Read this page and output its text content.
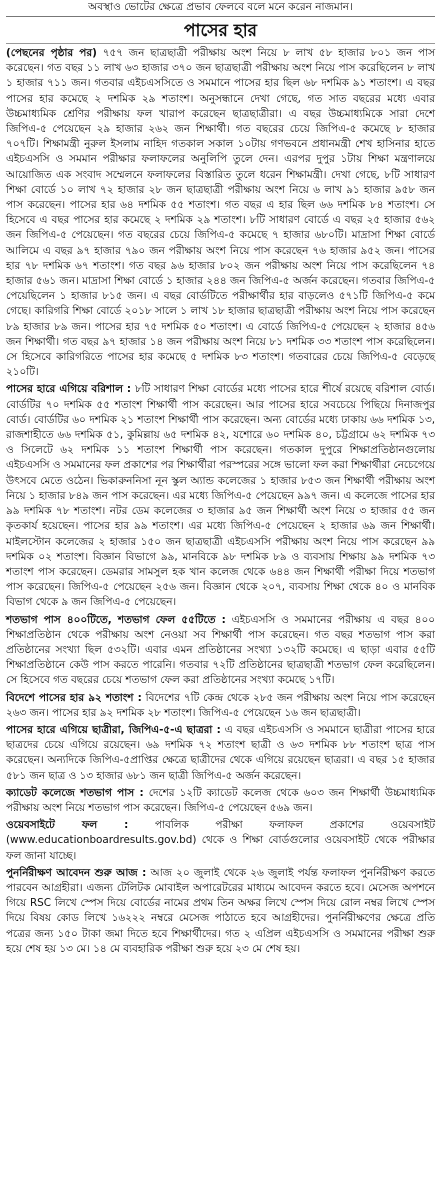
অবস্থাও ভোটের ক্ষেত্রে প্রভাব ফেলবে বলে মনে করেন নাজমান।
পাসের হার

(পেছনের পৃষ্ঠার পর) ৭৫৭ জন ছাত্রছাত্রী পরীক্ষায় অংশ নিয়ে ৮ লাখ ৫৮ হাজার ৮০১ জন পাস করেছেন। গত বছর ১১ লাখ ৬৩ হাজার ৩৭০ জন ছাত্রছাত্রী পরীক্ষায় অংশ নিয়ে পাস করেছিলেন ৮ লাখ ১ হাজার ৭১১ জন। গতবার এইচএসসিতে ও সমমানে পাসের হার ছিল ৬৮ দশমিক ৯১ শতাংশ। এ বছর পাসের হার কমেছে ২ দশমিক ২৯ শতাংশ। অনুসন্ধানে দেখা গেছে, গত সাত বছরের মধ্যে এবার উচ্চমাধ্যমিক শ্রেণির পরীক্ষায় ফল খারাপ করেছেন ছাত্রছাত্রীরা। এ বছর উচ্চমাধ্যমিকে সারা দেশে জিপিএ-৫ পেয়েছেন ২৯ হাজার ২৬২ জন শিক্ষার্থী। গত বছরের চেয়ে জিপিএ-৫ কমেছে ৮ হাজার ৭০৭টি। শিক্ষামন্ত্রী নুরুল ইসলাম নাহিদ গতকাল সকাল ১০টায় গণভবনে প্রধানমন্ত্রী শেখ হাসিনার হাতে এইচএসসি ও সমমান পরীক্ষার ফলাফলের অনুলিপি তুলে দেন। এরপর দুপুর ১টায় শিক্ষা মন্ত্রণালয়ে আয়োজিত এক সংবাদ সম্মেলনে ফলাফলের বিস্তারিত তুলে ধরেন শিক্ষামন্ত্রী। দেখা গেছে, ৮টি সাধারণ শিক্ষা বোর্ডে ১০ লাখ ৭২ হাজার ২৮ জন ছাত্রছাত্রী পরীক্ষায় অংশ নিয়ে ৬ লাখ ৯১ হাজার ৯৫৮ জন পাস করেছেন। পাসের হার ৬৪ দশমিক ৫৫ শতাংশ। গত বছর এ হার ছিল ৬৬ দশমিক ৮৪ শতাংশ। সে হিসেবে এ বছর পাসের হার কমেছে ২ দশমিক ২৯ শতাংশ। ৮টি সাধারণ বোর্ডে এ বছর ২৫ হাজার ৫৬২ জন জিপিএ-৫ পেয়েছেন। গত বছরের চেয়ে জিপিএ-৫ কমেছে ৭ হাজার ৬৮০টি। মাদ্রাসা শিক্ষা বোর্ডে আলিমে এ বছর ৯৭ হাজার ৭৯০ জন পরীক্ষায় অংশ নিয়ে পাস করেছেন ৭৬ হাজার ৯৫২ জন। পাসের হার ৭৮ দশমিক ৬৭ শতাংশ। গত বছর ৯৬ হাজার ৮০২ জন পরীক্ষায় অংশ নিয়ে পাস করেছিলেন ৭৪ হাজার ৫৬১ জন। মাদ্রাসা শিক্ষা বোর্ডে ১ হাজার ২৪৪ জন জিপিএ-৫ অর্জন করেছেন। গতবার জিপিএ-৫ পেয়েছিলেন ১ হাজার ৮১৫ জন। এ বছর বোর্ডটিতে পরীক্ষার্থীর হার বাড়লেও ৫৭১টি জিপিএ-৫ কমে গেছে। কারিগরি শিক্ষা বোর্ডে ২০১৮ সালে ১ লাখ ১৮ হাজার ছাত্রছাত্রী পরীক্ষায় অংশ নিয়ে পাস করেছেন ৮৯ হাজার ৮৯ জন। পাসের হার ৭৫ দশমিক ৫০ শতাংশ। এ বোর্ডে জিপিএ-৫ পেয়েছেন ২ হাজার ৪৫৬ জন শিক্ষার্থী। গত বছর ৯৭ হাজার ১৪ জন পরীক্ষায় অংশ নিয়ে ৮১ দশমিক ৩৩ শতাংশ পাস করেছিলেন। সে হিসেবে কারিগরিতে পাসের হার কমেছে ৫ দশমিক ৮৩ শতাংশ। গতবারের চেয়ে জিপিএ-৫ বেড়েছে ২১০টি।

পাসের হারে এগিয়ে বরিশাল : ৮টি সাধারণ শিক্ষা বোর্ডের মধ্যে পাসের হারে শীর্ষে রয়েছে বরিশাল বোর্ড। বোর্ডটির ৭০ দশমিক ৫৫ শতাংশ শিক্ষার্থী পাস করেছেন। আর পাসের হারে সবচেয়ে পিছিয়ে দিনাজপুর বোর্ড। বোর্ডটির ৬০ দশমিক ২১ শতাংশ শিক্ষার্থী পাস করেছেন। অন্য বোর্ডের মধ্যে ঢাকায় ৬৬ দশমিক ১৩, রাজশাহীতে ৬৬ দশমিক ৫১, কুমিল্লায় ৬৫ দশমিক ৪২, যশোরে ৬০ দশমিক ৪০, চট্টগ্রামে ৬২ দশমিক ৭৩ ও সিলেটে ৬২ দশমিক ১১ শতাংশ শিক্ষার্থী পাস করেছেন। গতকাল দুপুরে শিক্ষাপ্রতিষ্ঠানগুলোয় এইচএসসি ও সমমানের ফল প্রকাশের পর শিক্ষার্থীরা পরস্পরের সঙ্গে ভালো ফল করা শিক্ষার্থীরা নেচেগেয়ে উৎসবে মেতে ওঠেন। ভিকারুননিসা নূন স্কুল অ্যান্ড কলেজের ১ হাজার ৮৫৩ জন শিক্ষার্থী পরীক্ষায় অংশ নিয়ে ১ হাজার ৮৪৯ জন পাস করেছেন। এর মধ্যে জিপিএ-৫ পেয়েছেন ৯৯৭ জন। এ কলেজে পাসের হার ৯৯ দশমিক ৭৮ শতাংশ। নটর ডেম কলেজের ৩ হাজার ৯৫ জন শিক্ষার্থী অংশ নিয়ে ৩ হাজার ৫৫ জন কৃতকার্য হয়েছেন। পাসের হার ৯৯ শতাংশ। এর মধ্যে জিপিএ-৫ পেয়েছেন ২ হাজার ৬৯ জন শিক্ষার্থী। মাইলস্টোন কলেজের ২ হাজার ১৫০ জন ছাত্রছাত্রী এইচএসসি পরীক্ষায় অংশ নিয়ে পাস করেছেন ৯৯ দশমিক ০২ শতাংশ। বিজ্ঞান বিভাগে ৯৯, মানবিকে ৯৮ দশমিক ৮৯ ও ব্যবসায় শিক্ষায় ৯৯ দশমিক ৭৩ শতাংশ পাস করেছেন। ডেমরার সামসুল হক খান কলেজ থেকে ৬৪৪ জন শিক্ষার্থী পরীক্ষা দিয়ে শতভাগ পাস করেছেন। জিপিএ-৫ পেয়েছেন ২৫৬ জন। বিজ্ঞান থেকে ২০৭, ব্যবসায় শিক্ষা থেকে ৪০ ও মানবিক বিভাগ থেকে ৯ জন জিপিএ-৫ পেয়েছেন।

শতভাগ পাস ৪০০টিতে, শতভাগ ফেল ৫৫টিতে : এইচএসসি ও সমমানের পরীক্ষায় এ বছর ৪০০ শিক্ষাপ্রতিষ্ঠান থেকে পরীক্ষায় অংশ নেওয়া সব শিক্ষার্থী পাস করেছেন। গত বছর শতভাগ পাস করা প্রতিষ্ঠানের সংখ্যা ছিল ৫৩২টি। এবার এমন প্রতিষ্ঠানের সংখ্যা ১৩২টি কমেছে। এ ছাড়া এবার ৫৫টি শিক্ষাপ্রতিষ্ঠানে কেউ পাস করতে পারেনি। গতবার ৭২টি প্রতিষ্ঠানের ছাত্রছাত্রী শতভাগ ফেল করেছিলেন। সে হিসেবে গত বছরের চেয়ে শতভাগ ফেল করা প্রতিষ্ঠানের সংখ্যা কমেছে ১৭টি।

বিদেশে পাসের হার ৯২ শতাংশ : বিদেশের ৭টি কেন্দ্র থেকে ২৮৫ জন পরীক্ষায় অংশ নিয়ে পাস করেছেন ২৬৩ জন। পাসের হার ৯২ দশমিক ২৮ শতাংশ। জিপিএ-৫ পেয়েছেন ১৬ জন ছাত্রছাত্রী।

পাসের হারে এগিয়ে ছাত্রীরা, জিপিএ-৫-এ ছাত্ররা : এ বছর এইচএসসি ও সমমানে ছাত্রীরা পাসের হারে ছাত্রদের চেয়ে এগিয়ে রয়েছেন। ৬৯ দশমিক ৭২ শতাংশ ছাত্রী ও ৬৩ দশমিক ৮৮ শতাংশ ছাত্র পাস করেছেন। অন্যদিকে জিপিএ-৫প্রাপ্তির ক্ষেত্রে ছাত্রীদের থেকে এগিয়ে রয়েছেন ছাত্ররা। এ বছর ১৫ হাজার ৫৮১ জন ছাত্র ও ১৩ হাজার ৬৮১ জন ছাত্রী জিপিএ-৫ অর্জন করেছেন।

ক্যাডেট কলেজে শতভাগ পাস : দেশের ১২টি ক্যাডেট কলেজ থেকে ৬০৩ জন শিক্ষার্থী উচ্চমাধ্যমিক পরীক্ষায় অংশ নিয়ে শতভাগ পাস করেছেন। জিপিএ-৫ পেয়েছেন ৫৬৯ জন।

ওয়েবসাইটে ফল : পাবলিক পরীক্ষা ফলাফল প্রকাশের ওয়েবসাইট (www.educationboardresults.gov.bd) থেকে ও শিক্ষা বোর্ডগুলোর ওয়েবসাইট থেকে পরীক্ষার ফল জানা যাচ্ছে।

পুনর্নিরীক্ষণ আবেদন শুরু আজ : আজ ২০ জুলাই থেকে ২৬ জুলাই পর্যন্ত ফলাফল পুনর্নিরীক্ষণ করতে পারবেন আগ্রহীরা। এজন্য টেলিটক মোবাইল অপারেটরের মাধ্যমে আবেদন করতে হবে। মেসেজ অপশনে গিয়ে RSC লিখে স্পেস দিয়ে বোর্ডের নামের প্রথম তিন অক্ষর লিখে স্পেস দিয়ে রোল নম্বর লিখে স্পেস দিয়ে বিষয় কোড লিখে ১৬২২২ নম্বরে মেসেজ পাঠাতে হবে আগ্রহীদের। পুনর্নিরীক্ষণের ক্ষেত্রে প্রতি পত্রের জন্য ১৫০ টাকা জমা দিতে হবে শিক্ষার্থীদের। গত ২ এপ্রিল এইচএসসি ও সমমানের পরীক্ষা শুরু হয়ে শেষ হয় ১৩ মে। ১৪ মে ব্যবহারিক পরীক্ষা শুরু হয়ে ২৩ মে শেষ হয়।
